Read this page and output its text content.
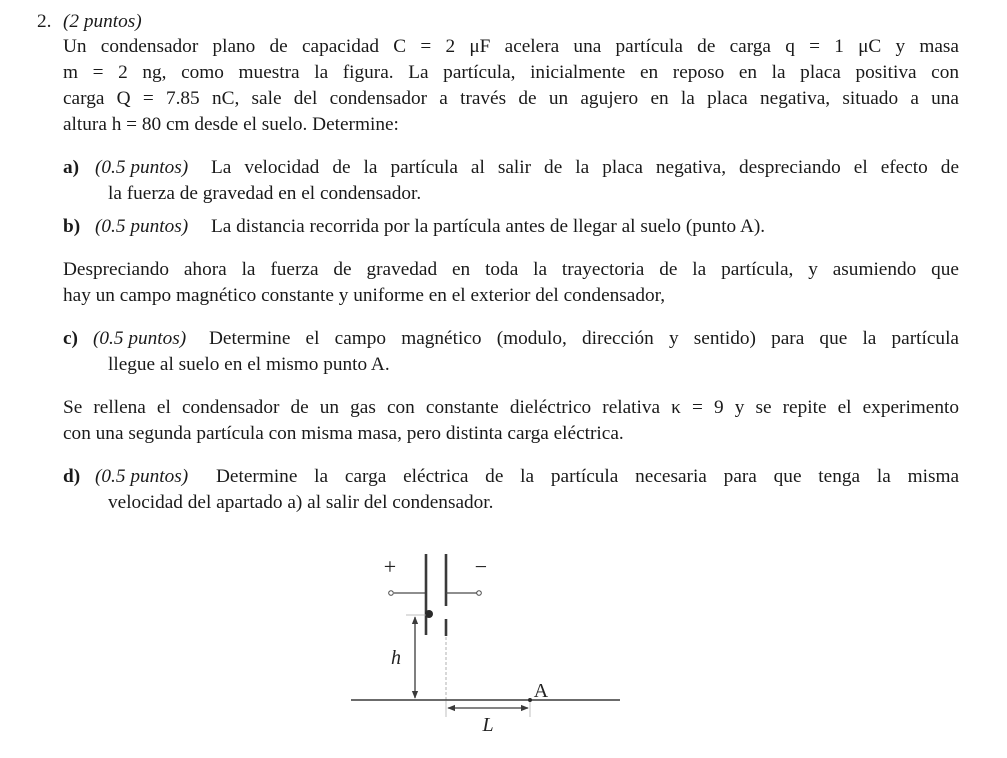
2. (2 puntos)
Un condensador plano de capacidad C = 2 μF acelera una partícula de carga q = 1 μC y masa
m = 2 ng, como muestra la figura. La partícula, inicialmente en reposo en la placa positiva con
carga Q = 7.85 nC, sale del condensador a través de un agujero en la placa negativa, situado a una
altura h = 80 cm desde el suelo. Determine:
a) (0.5 puntos) La velocidad de la partícula al salir de la placa negativa, despreciando el efecto de
la fuerza de gravedad en el condensador.
b) (0.5 puntos) La distancia recorrida por la partícula antes de llegar al suelo (punto A).
Despreciando ahora la fuerza de gravedad en toda la trayectoria de la partícula, y asumiendo que
hay un campo magnético constante y uniforme en el exterior del condensador,
c) (0.5 puntos) Determine el campo magnético (modulo, dirección y sentido) para que la partícula
llegue al suelo en el mismo punto A.
Se rellena el condensador de un gas con constante dieléctrico relativa κ = 9 y se repite el experimento
con una segunda partícula con misma masa, pero distinta carga eléctrica.
d) (0.5 puntos) Determine la carga eléctrica de la partícula necesaria para que tenga la misma
velocidad del apartado a) al salir del condensador.
+	−
h
L
A
